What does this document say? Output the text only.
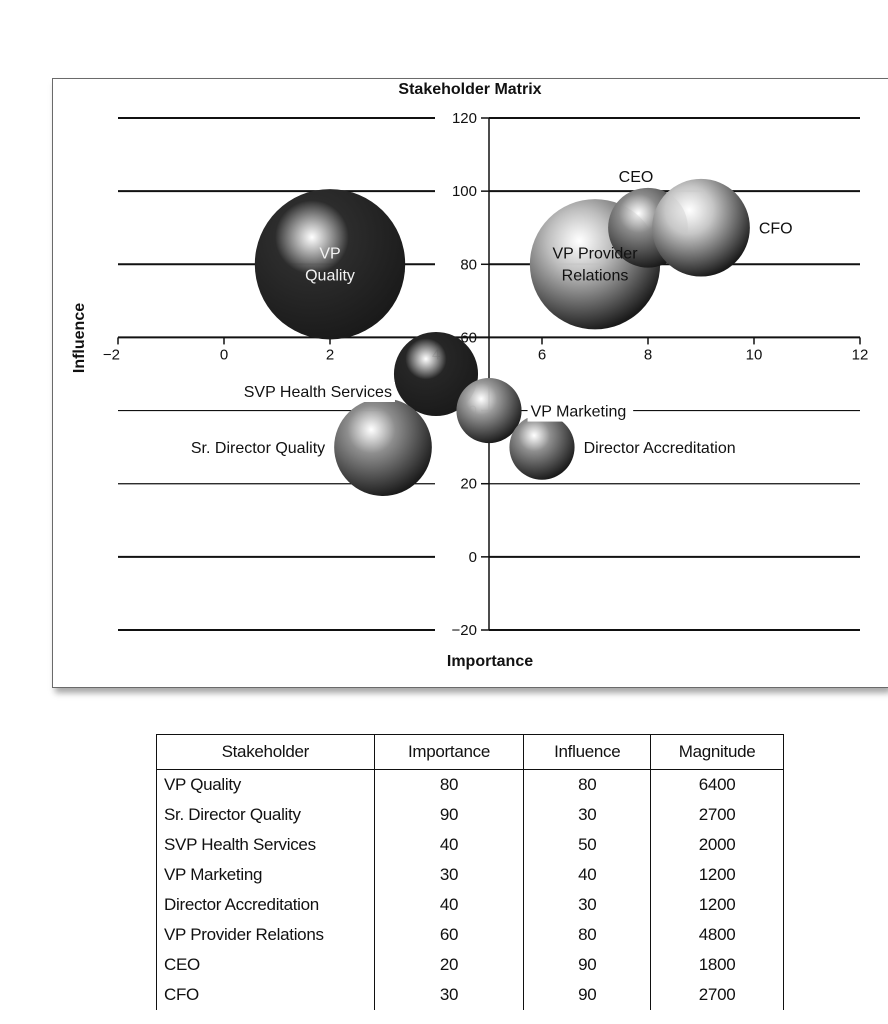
−20
0
20
80
100
120
60
−2	0	2	6	8	10	12
VP
Quality
VP Provider
Relations
CEO
CFO
SVP Health Services
VP Marketing
Sr. Director Quality	Director Accreditation
Stakeholder Matrix
Importance
Influence
Stakeholder	Importance	Influence	Magnitude
VP Quality	80	80	6400
Sr. Director Quality	90	30	2700
SVP Health Services	40	50	2000
VP Marketing	30	40	1200
Director Accreditation	40	30	1200
VP Provider Relations	60	80	4800
CEO	20	90	1800
CFO	30	90	2700
